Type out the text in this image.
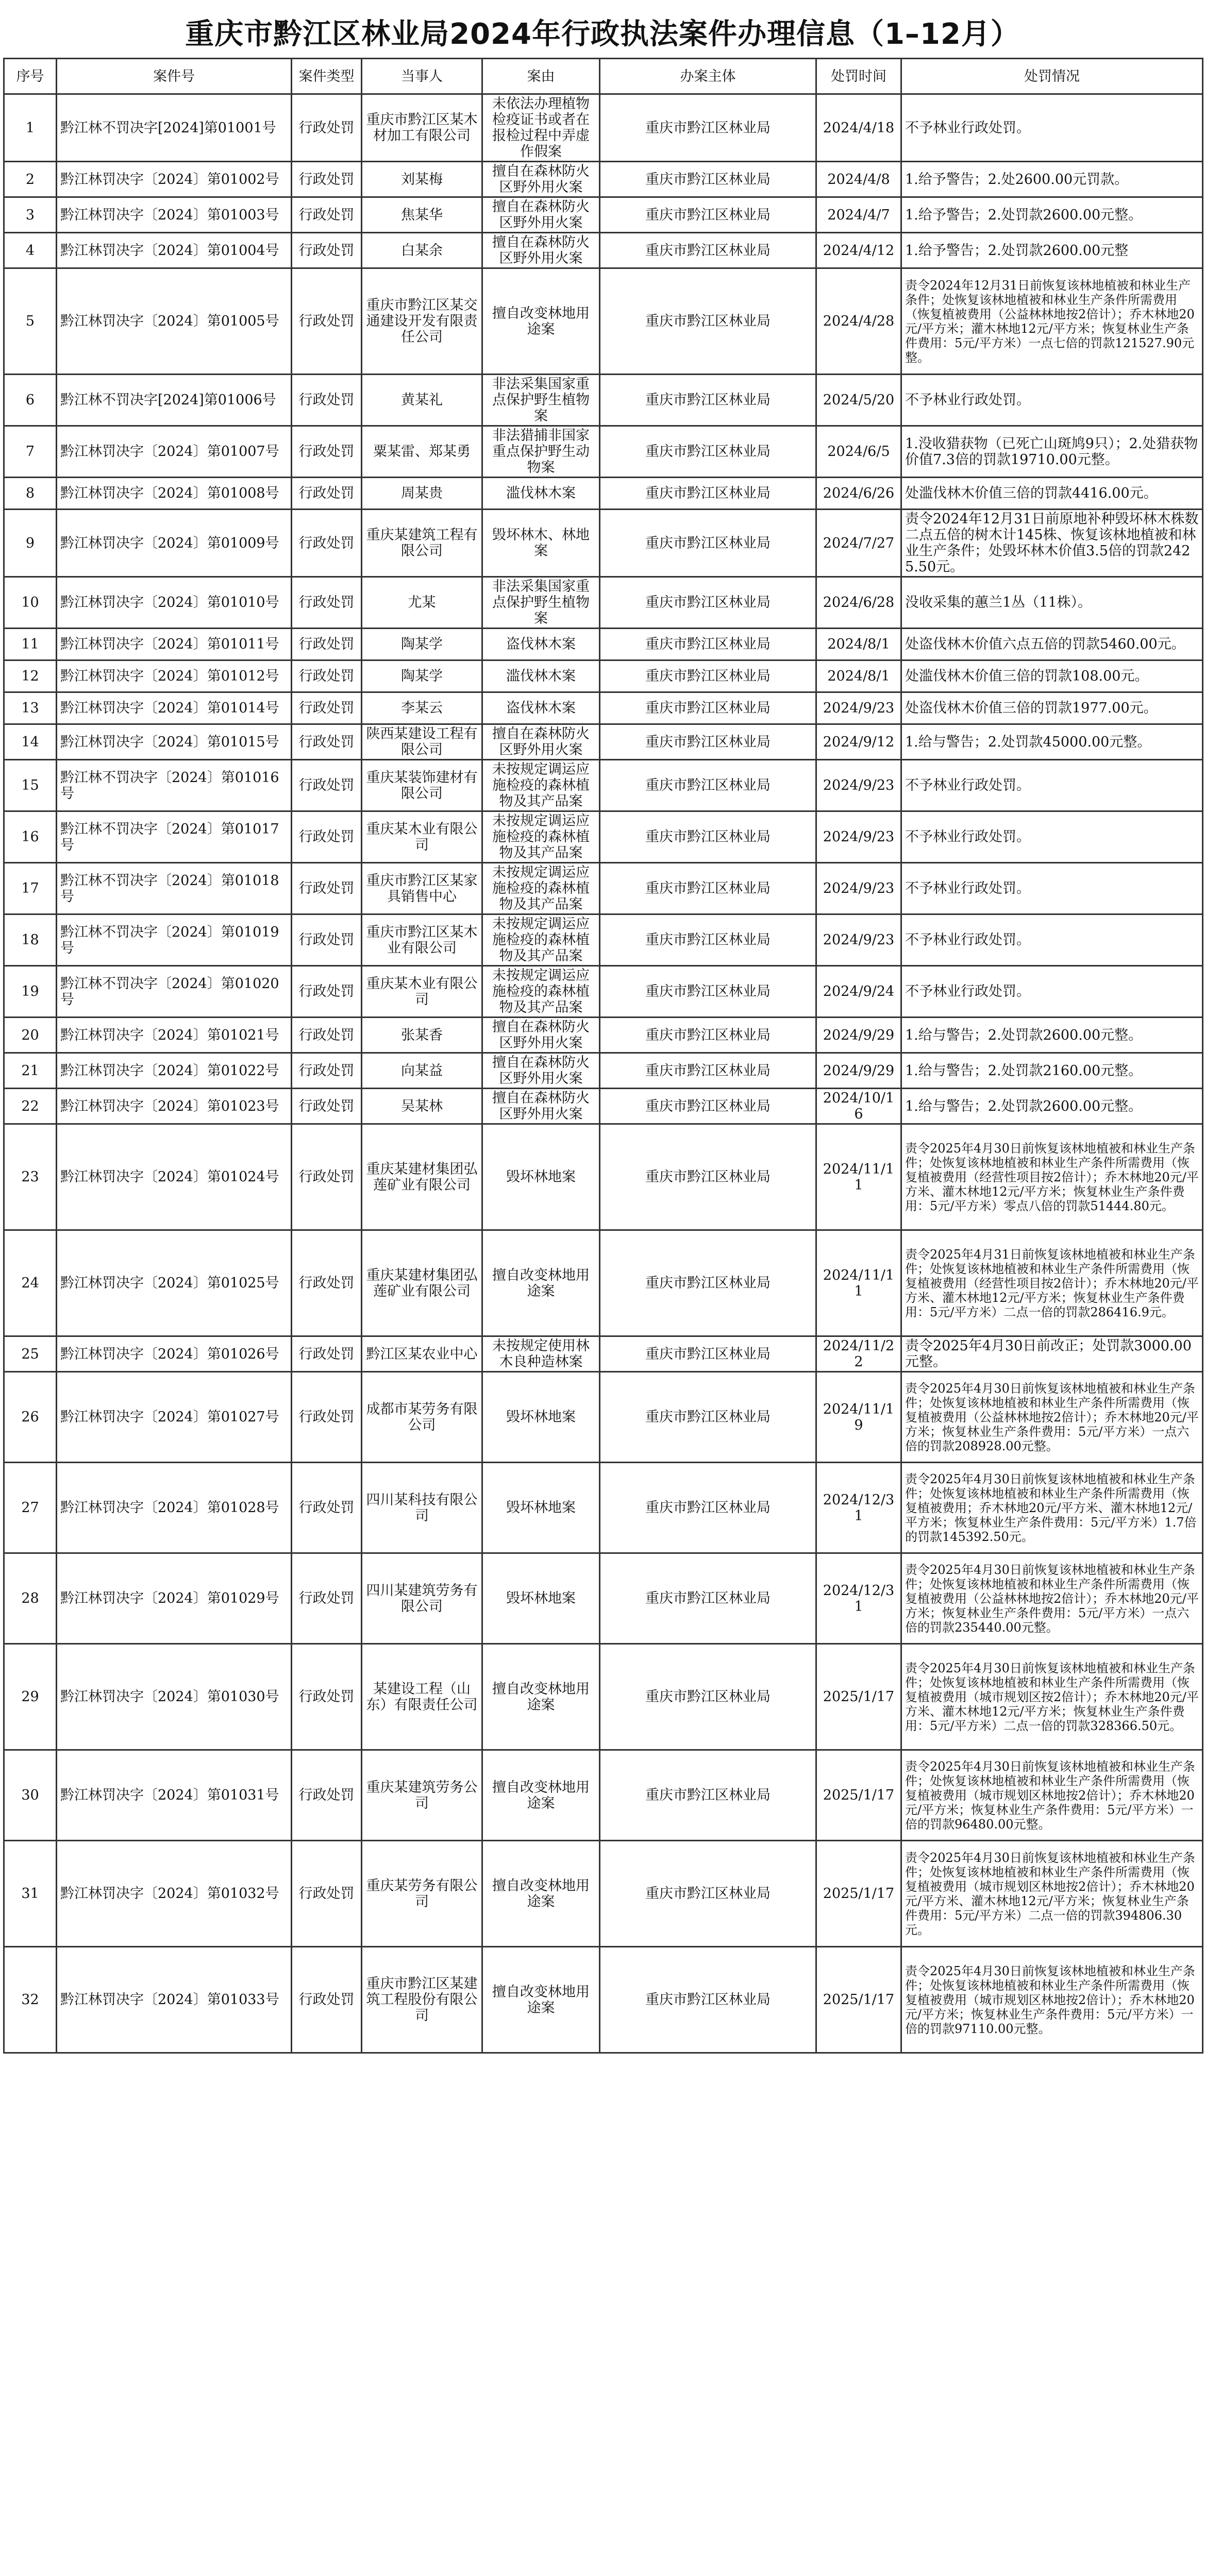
重庆市黔江区林业局2024年行政执法案件办理信息（1–12月）
序号	案件号	案件类型	当事人	案由	办案主体	处罚时间	处罚情况
1	黔江林不罚决字[2024]第01001号	行政处罚	重庆市黔江区某木材加工有限公司	未依法办理植物检疫证书或者在报检过程中弄虚作假案	重庆市黔江区林业局	2024/4/18	不予林业行政处罚。
2	黔江林罚决字〔2024〕第01002号	行政处罚	刘某梅	擅自在森林防火区野外用火案	重庆市黔江区林业局	2024/4/8	1.给予警告；2.处2600.00元罚款。
3	黔江林罚决字〔2024〕第01003号	行政处罚	焦某华	擅自在森林防火区野外用火案	重庆市黔江区林业局	2024/4/7	1.给予警告；2.处罚款2600.00元整。
4	黔江林罚决字〔2024〕第01004号	行政处罚	白某余	擅自在森林防火区野外用火案	重庆市黔江区林业局	2024/4/12	1.给予警告；2.处罚款2600.00元整
5	黔江林罚决字〔2024〕第01005号	行政处罚	重庆市黔江区某交通建设开发有限责任公司	擅自改变林地用途案	重庆市黔江区林业局	2024/4/28	责令2024年12月31日前恢复该林地植被和林业生产条件；处恢复该林地植被和林业生产条件所需费用（恢复植被费用（公益林林地按2倍计）；乔木林地20元/平方米；灌木林地12元/平方米；恢复林业生产条件费用：5元/平方米）一点七倍的罚款121527.90元整。
6	黔江林不罚决字[2024]第01006号	行政处罚	黄某礼	非法采集国家重点保护野生植物案	重庆市黔江区林业局	2024/5/20	不予林业行政处罚。
7	黔江林罚决字〔2024〕第01007号	行政处罚	粟某雷、郑某勇	非法猎捕非国家重点保护野生动物案	重庆市黔江区林业局	2024/6/5	1.没收猎获物（已死亡山斑鸠9只）；2.处猎获物价值7.3倍的罚款19710.00元整。
8	黔江林罚决字〔2024〕第01008号	行政处罚	周某贵	滥伐林木案	重庆市黔江区林业局	2024/6/26	处滥伐林木价值三倍的罚款4416.00元。
9	黔江林罚决字〔2024〕第01009号	行政处罚	重庆某建筑工程有限公司	毁坏林木、林地案	重庆市黔江区林业局	2024/7/27	责令2024年12月31日前原地补种毁坏林木株数二点五倍的树木计145株、恢复该林地植被和林业生产条件；处毁坏林木价值3.5倍的罚款2425.50元。
10	黔江林罚决字〔2024〕第01010号	行政处罚	尤某	非法采集国家重点保护野生植物案	重庆市黔江区林业局	2024/6/28	没收采集的蕙兰1丛（11株）。
11	黔江林罚决字〔2024〕第01011号	行政处罚	陶某学	盗伐林木案	重庆市黔江区林业局	2024/8/1	处盗伐林木价值六点五倍的罚款5460.00元。
12	黔江林罚决字〔2024〕第01012号	行政处罚	陶某学	滥伐林木案	重庆市黔江区林业局	2024/8/1	处滥伐林木价值三倍的罚款108.00元。
13	黔江林罚决字〔2024〕第01014号	行政处罚	李某云	盗伐林木案	重庆市黔江区林业局	2024/9/23	处盗伐林木价值三倍的罚款1977.00元。
14	黔江林罚决字〔2024〕第01015号	行政处罚	陕西某建设工程有限公司	擅自在森林防火区野外用火案	重庆市黔江区林业局	2024/9/12	1.给与警告；2.处罚款45000.00元整。
15	黔江林不罚决字〔2024〕第01016号	行政处罚	重庆某装饰建材有限公司	未按规定调运应施检疫的森林植物及其产品案	重庆市黔江区林业局	2024/9/23	不予林业行政处罚。
16	黔江林不罚决字〔2024〕第01017号	行政处罚	重庆某木业有限公司	未按规定调运应施检疫的森林植物及其产品案	重庆市黔江区林业局	2024/9/23	不予林业行政处罚。
17	黔江林不罚决字〔2024〕第01018号	行政处罚	重庆市黔江区某家具销售中心	未按规定调运应施检疫的森林植物及其产品案	重庆市黔江区林业局	2024/9/23	不予林业行政处罚。
18	黔江林不罚决字〔2024〕第01019号	行政处罚	重庆市黔江区某木业有限公司	未按规定调运应施检疫的森林植物及其产品案	重庆市黔江区林业局	2024/9/23	不予林业行政处罚。
19	黔江林不罚决字〔2024〕第01020号	行政处罚	重庆某木业有限公司	未按规定调运应施检疫的森林植物及其产品案	重庆市黔江区林业局	2024/9/24	不予林业行政处罚。
20	黔江林罚决字〔2024〕第01021号	行政处罚	张某香	擅自在森林防火区野外用火案	重庆市黔江区林业局	2024/9/29	1.给与警告；2.处罚款2600.00元整。
21	黔江林罚决字〔2024〕第01022号	行政处罚	向某益	擅自在森林防火区野外用火案	重庆市黔江区林业局	2024/9/29	1.给与警告；2.处罚款2160.00元整。
22	黔江林罚决字〔2024〕第01023号	行政处罚	吴某林	擅自在森林防火区野外用火案	重庆市黔江区林业局	2024/10/16	1.给与警告；2.处罚款2600.00元整。
23	黔江林罚决字〔2024〕第01024号	行政处罚	重庆某建材集团弘莲矿业有限公司	毁坏林地案	重庆市黔江区林业局	2024/11/11	责令2025年4月30日前恢复该林地植被和林业生产条件；处恢复该林地植被和林业生产条件所需费用（恢复植被费用（经营性项目按2倍计）；乔木林地20元/平方米、灌木林地12元/平方米；恢复林业生产条件费用：5元/平方米）零点八倍的罚款51444.80元。
24	黔江林罚决字〔2024〕第01025号	行政处罚	重庆某建材集团弘莲矿业有限公司	擅自改变林地用途案	重庆市黔江区林业局	2024/11/11	责令2025年4月31日前恢复该林地植被和林业生产条件；处恢复该林地植被和林业生产条件所需费用（恢复植被费用（经营性项目按2倍计）；乔木林地20元/平方米、灌木林地12元/平方米；恢复林业生产条件费用：5元/平方米）二点一倍的罚款286416.9元。
25	黔江林罚决字〔2024〕第01026号	行政处罚	黔江区某农业中心	未按规定使用林木良种造林案	重庆市黔江区林业局	2024/11/22	责令2025年4月30日前改正；处罚款3000.00元整。
26	黔江林罚决字〔2024〕第01027号	行政处罚	成都市某劳务有限公司	毁坏林地案	重庆市黔江区林业局	2024/11/19	责令2025年4月30日前恢复该林地植被和林业生产条件；处恢复该林地植被和林业生产条件所需费用（恢复植被费用（公益林林地按2倍计）；乔木林地20元/平方米；恢复林业生产条件费用：5元/平方米）一点六倍的罚款208928.00元整。
27	黔江林罚决字〔2024〕第01028号	行政处罚	四川某科技有限公司	毁坏林地案	重庆市黔江区林业局	2024/12/31	责令2025年4月30日前恢复该林地植被和林业生产条件；处恢复该林地植被和林业生产条件所需费用（恢复植被费用；乔木林地20元/平方米、灌木林地12元/平方米；恢复林业生产条件费用：5元/平方米）1.7倍的罚款145392.50元。
28	黔江林罚决字〔2024〕第01029号	行政处罚	四川某建筑劳务有限公司	毁坏林地案	重庆市黔江区林业局	2024/12/31	责令2025年4月30日前恢复该林地植被和林业生产条件；处恢复该林地植被和林业生产条件所需费用（恢复植被费用（公益林林地按2倍计）；乔木林地20元/平方米；恢复林业生产条件费用：5元/平方米）一点六倍的罚款235440.00元整。
29	黔江林罚决字〔2024〕第01030号	行政处罚	某建设工程（山东）有限责任公司	擅自改变林地用途案	重庆市黔江区林业局	2025/1/17	责令2025年4月30日前恢复该林地植被和林业生产条件；处恢复该林地植被和林业生产条件所需费用（恢复植被费用（城市规划区按2倍计）；乔木林地20元/平方米、灌木林地12元/平方米；恢复林业生产条件费用：5元/平方米）二点一倍的罚款328366.50元。
30	黔江林罚决字〔2024〕第01031号	行政处罚	重庆某建筑劳务公司	擅自改变林地用途案	重庆市黔江区林业局	2025/1/17	责令2025年4月30日前恢复该林地植被和林业生产条件；处恢复该林地植被和林业生产条件所需费用（恢复植被费用（城市规划区林地按2倍计）；乔木林地20元/平方米；恢复林业生产条件费用：5元/平方米）一倍的罚款96480.00元整。
31	黔江林罚决字〔2024〕第01032号	行政处罚	重庆某劳务有限公司	擅自改变林地用途案	重庆市黔江区林业局	2025/1/17	责令2025年4月30日前恢复该林地植被和林业生产条件；处恢复该林地植被和林业生产条件所需费用（恢复植被费用（城市规划区林地按2倍计）；乔木林地20元/平方米、灌木林地12元/平方米；恢复林业生产条件费用：5元/平方米）二点一倍的罚款394806.30元。
32	黔江林罚决字〔2024〕第01033号	行政处罚	重庆市黔江区某建筑工程股份有限公司	擅自改变林地用途案	重庆市黔江区林业局	2025/1/17	责令2025年4月30日前恢复该林地植被和林业生产条件；处恢复该林地植被和林业生产条件所需费用（恢复植被费用（城市规划区林地按2倍计）；乔木林地20元/平方米；恢复林业生产条件费用：5元/平方米）一倍的罚款97110.00元整。
